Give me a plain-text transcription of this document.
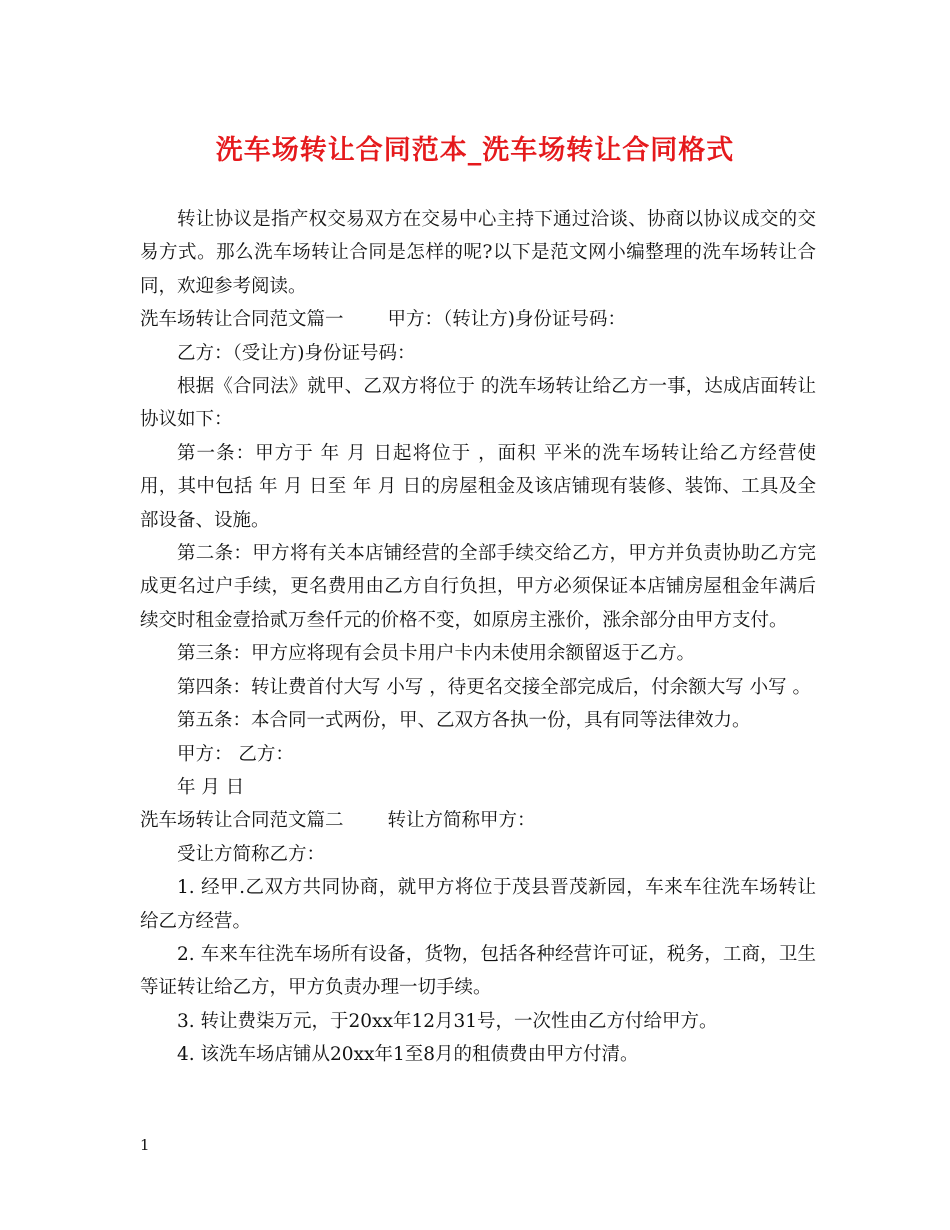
洗车场转让合同范本_洗车场转让合同格式

转让协议是指产权交易双方在交易中心主持下通过洽谈、协商以协议成交的交易方式。那么洗车场转让合同是怎样的呢?以下是范文网小编整理的洗车场转让合同，欢迎参考阅读。

洗车场转让合同范文篇一 甲方：（转让方)身份证号码：

乙方：（受让方)身份证号码：

根据《合同法》就甲、乙双方将位于 的洗车场转让给乙方一事，达成店面转让协议如下：

第一条：甲方于 年 月 日起将位于 ，面积 平米的洗车场转让给乙方经营使用，其中包括 年 月 日至 年 月 日的房屋租金及该店铺现有装修、装饰、工具及全部设备、设施。

第二条：甲方将有关本店铺经营的全部手续交给乙方，甲方并负责协助乙方完成更名过户手续，更名费用由乙方自行负担，甲方必须保证本店铺房屋租金年满后续交时租金壹拾贰万叁仟元的价格不变，如原房主涨价，涨余部分由甲方支付。

第三条：甲方应将现有会员卡用户卡内未使用余额留返于乙方。

第四条：转让费首付大写 小写 ，待更名交接全部完成后，付余额大写 小写 。

第五条：本合同一式两份，甲、乙双方各执一份，具有同等法律效力。

甲方： 乙方：

年 月 日

洗车场转让合同范文篇二 转让方简称甲方：

受让方简称乙方：

1. 经甲.乙双方共同协商，就甲方将位于茂县晋茂新园，车来车往洗车场转让给乙方经营。

2. 车来车往洗车场所有设备，货物，包括各种经营许可证，税务，工商，卫生等证转让给乙方，甲方负责办理一切手续。

3. 转让费柒万元，于20xx年12月31号，一次性由乙方付给甲方。

4. 该洗车场店铺从20xx年1至8月的租债费由甲方付清。

1
